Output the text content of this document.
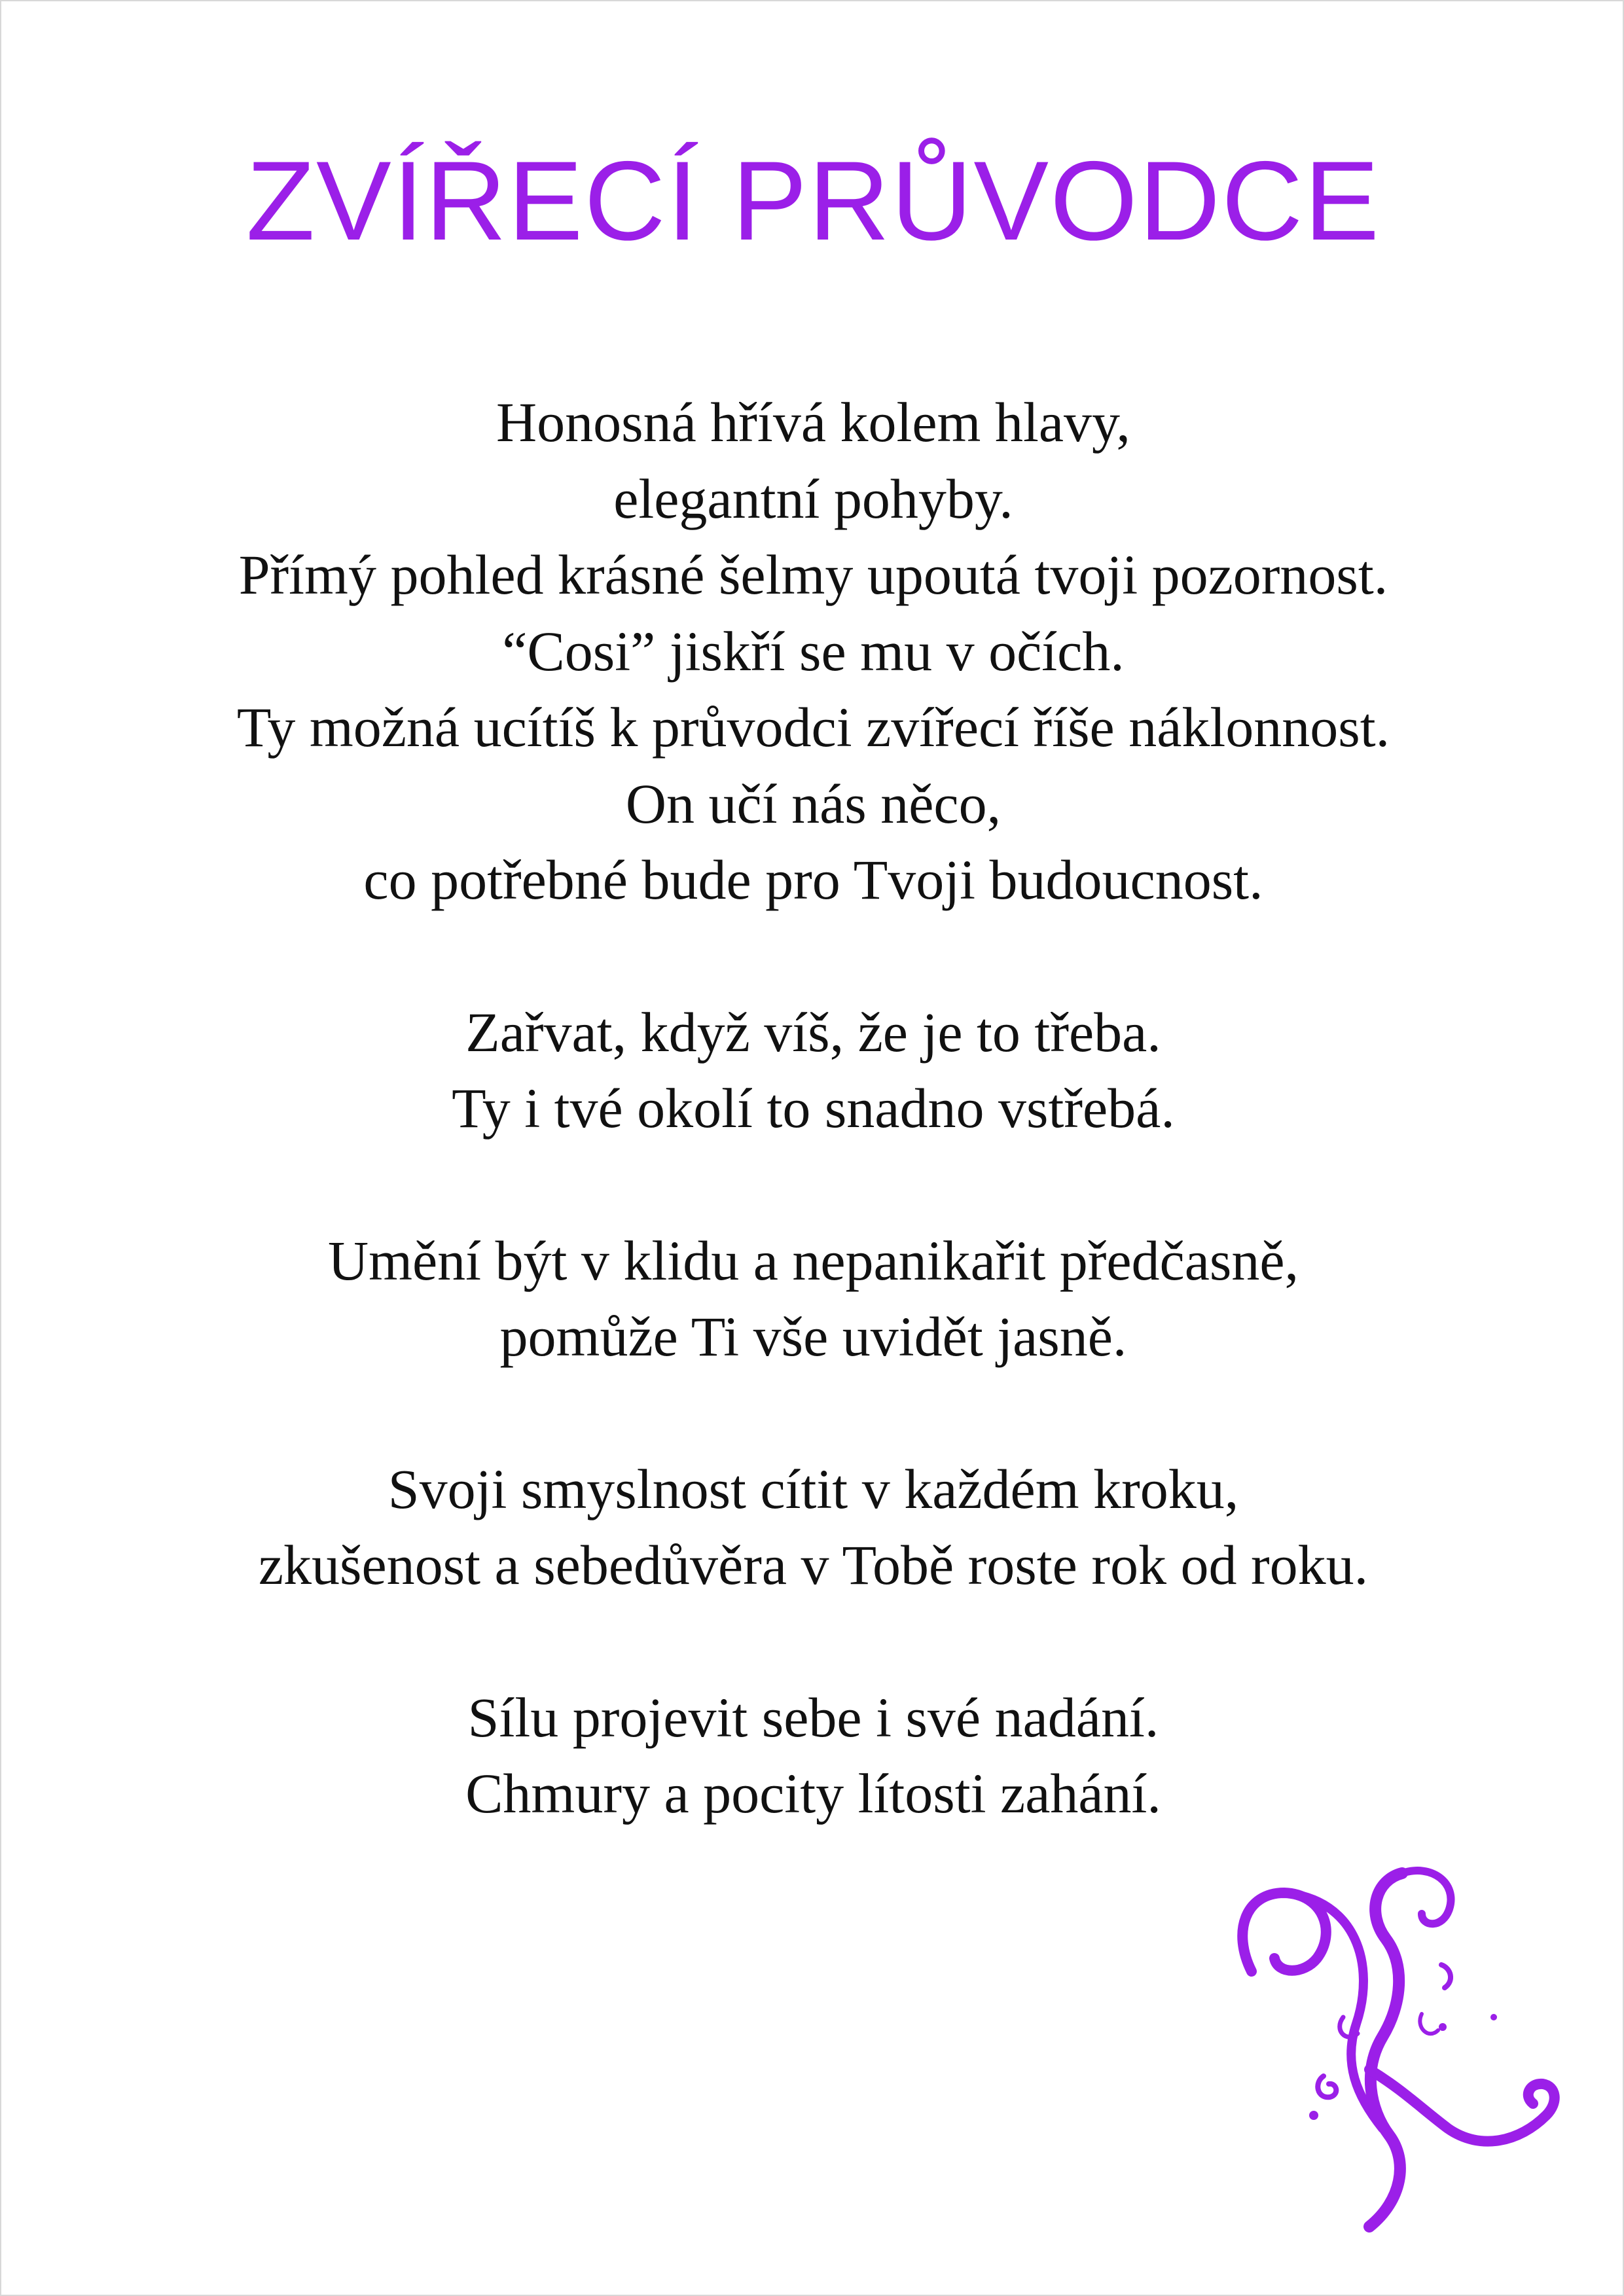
ZVÍŘECÍ PRŮVODCE

Honosná hřívá kolem hlavy,
elegantní pohyby.
Přímý pohled krásné šelmy upoutá tvoji pozornost.
“Cosi” jiskří se mu v očích.
Ty možná ucítíš k průvodci zvířecí říše náklonnost.
On učí nás něco,
co potřebné bude pro Tvoji budoucnost.

Zařvat, když víš, že je to třeba.
Ty i tvé okolí to snadno vstřebá.

Umění být v klidu a nepanikařit předčasně,
pomůže Ti vše uvidět jasně.

Svoji smyslnost cítit v každém kroku,
zkušenost a sebedůvěra v Tobě roste rok od roku.

Sílu projevit sebe i své nadání.
Chmury a pocity lítosti zahání.
